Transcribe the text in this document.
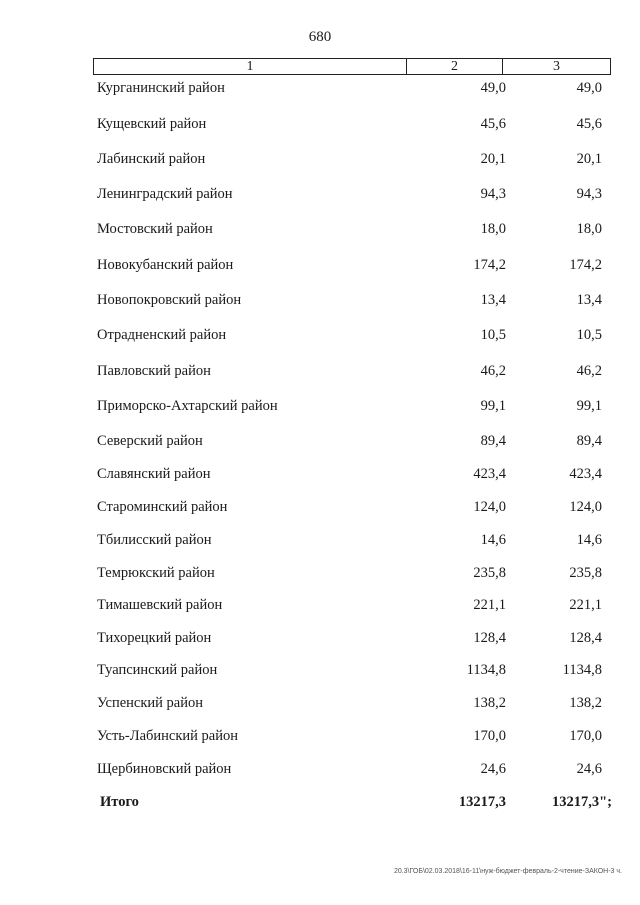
680
1	2	3
Курганинский район	49,0	49,0
Кущевский район	45,6	45,6
Лабинский район	20,1	20,1
Ленинградский район	94,3	94,3
Мостовский район	18,0	18,0
Новокубанский район	174,2	174,2
Новопокровский район	13,4	13,4
Отрадненский район	10,5	10,5
Павловский район	46,2	46,2
Приморско-Ахтарский район	99,1	99,1
Северский район	89,4	89,4
Славянский район	423,4	423,4
Староминский район	124,0	124,0
Тбилисский район	14,6	14,6
Темрюкский район	235,8	235,8
Тимашевский район	221,1	221,1
Тихорецкий район	128,4	128,4
Туапсинский район	1134,8	1134,8
Успенский район	138,2	138,2
Усть-Лабинский район	170,0	170,0
Щербиновский район	24,6	24,6
Итого	13217,3	13217,3";
20.3\ГОБ\02.03.2018\16-11\нуж-бюджет-февраль-2-чтение-ЗАКОН-3 ч.
